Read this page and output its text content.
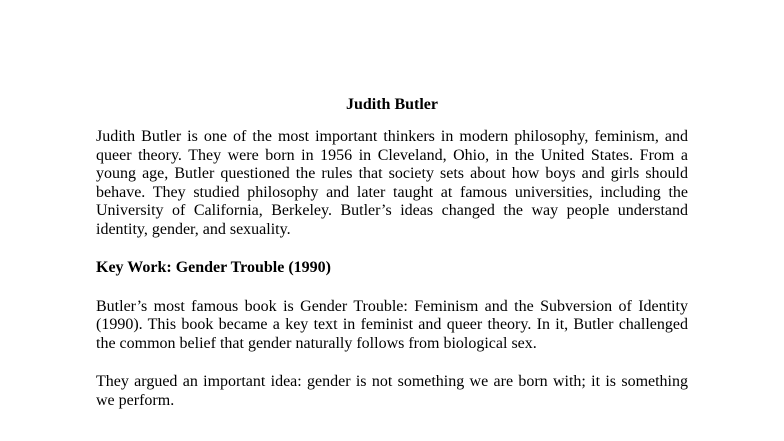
Judith Butler

Judith Butler is one of the most important thinkers in modern philosophy, feminism, and queer theory. They were born in 1956 in Cleveland, Ohio, in the United States. From a young age, Butler questioned the rules that society sets about how boys and girls should behave. They studied philosophy and later taught at famous universities, including the University of California, Berkeley. Butler’s ideas changed the way people understand identity, gender, and sexuality.

Key Work: Gender Trouble (1990)

Butler’s most famous book is Gender Trouble: Feminism and the Subversion of Identity (1990). This book became a key text in feminist and queer theory. In it, Butler challenged the common belief that gender naturally follows from biological sex.

They argued an important idea: gender is not something we are born with; it is something we perform.
